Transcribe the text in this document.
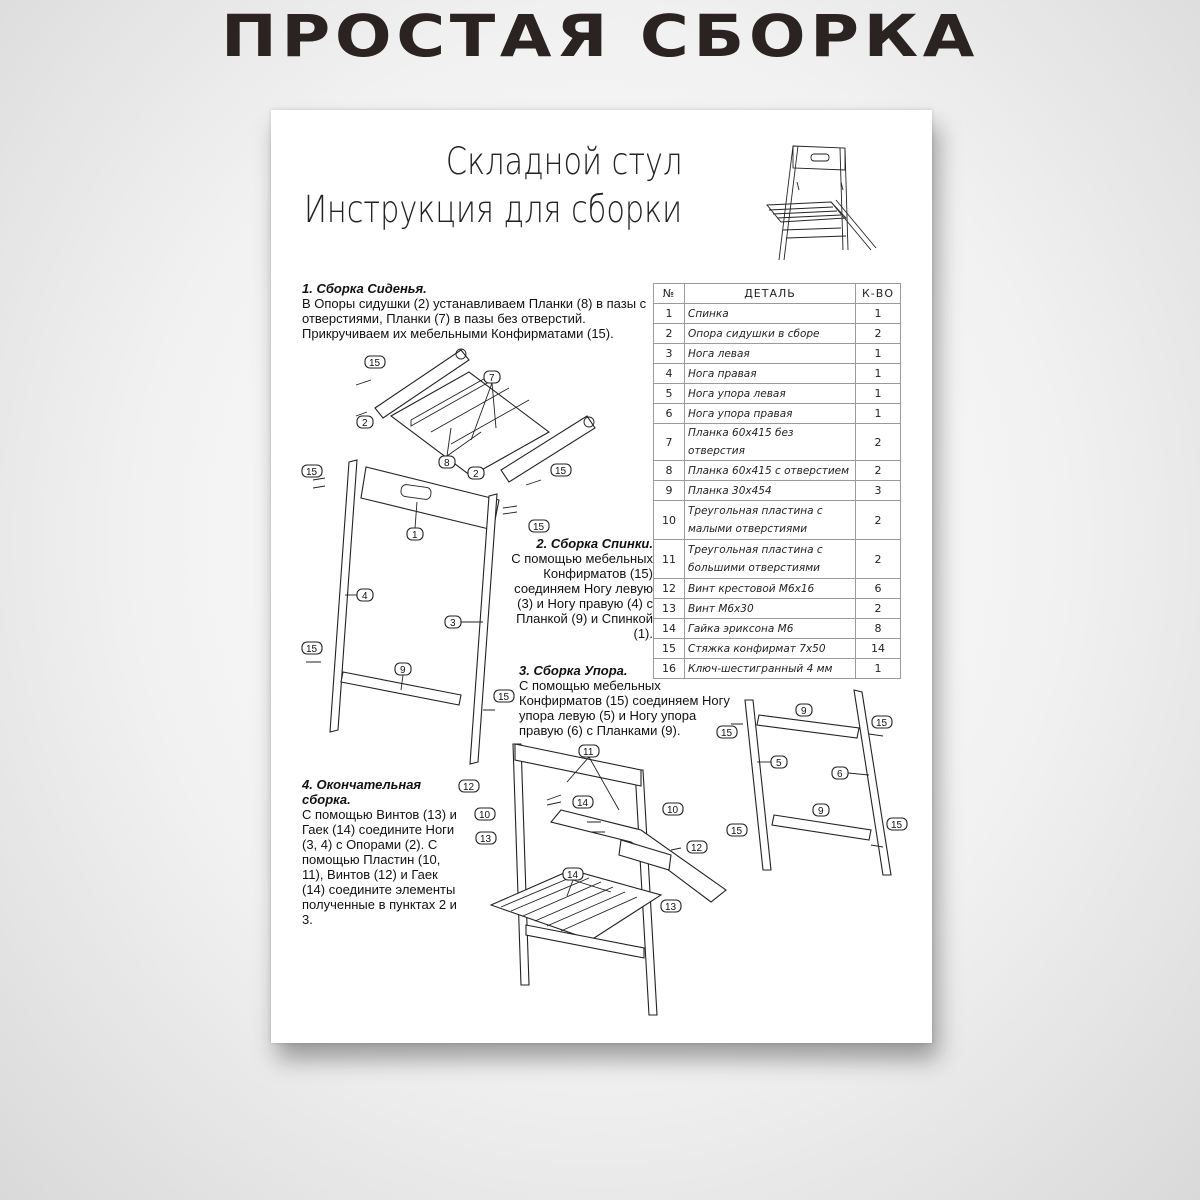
ПРОСТАЯ СБОРКА
Складной стул
Инструкция для сборки
15
2
7
8
2	15
15
1
15
4
3
15
9
15
9
15
15
5
6
9
15
15
12
11
14
10	10
13
12
14
13
1. Сборка Сиденья.
В Опоры сидушки (2) устанавливаем Планки (8) в пазы с отверстиями, Планки (7) в пазы без отверстий. Прикручиваем их мебельными Конфирматами (15).
2. Сборка Спинки.
С помощью мебельных Конфирматов (15) соединяем Ногу левую (3) и Ногу правую (4) с Планкой (9) и Спинкой (1).
3. Сборка Упора.
С помощью мебельных Конфирматов (15) соединяем Ногу упора левую (5) и Ногу упора правую (6) с Планками (9).
4. Окончательная сборка.
С помощью Винтов (13) и Гаек (14) соедините Ноги (3, 4) с Опорами (2). С помощью Пластин (10, 11), Винтов (12) и Гаек (14) соедините элементы полученные в пунктах 2 и 3.
№	ДЕТАЛЬ	К-ВО
1	Спинка	1
2	Опора сидушки в сборе	2
3	Нога левая	1
4	Нога правая	1
5	Нога упора левая	1
6	Нога упора правая	1
7	Планка 60x415 без отверстия	2
8	Планка 60x415 с отверстием	2
9	Планка 30x454	3
10	Треугольная пластина с малыми отверстиями	2
11	Треугольная пластина с большими отверстиями	2
12	Винт крестовой М6x16	6
13	Винт М6x30	2
14	Гайка эриксона М6	8
15	Стяжка конфирмат 7x50	14
16	Ключ-шестигранный 4 мм	1
